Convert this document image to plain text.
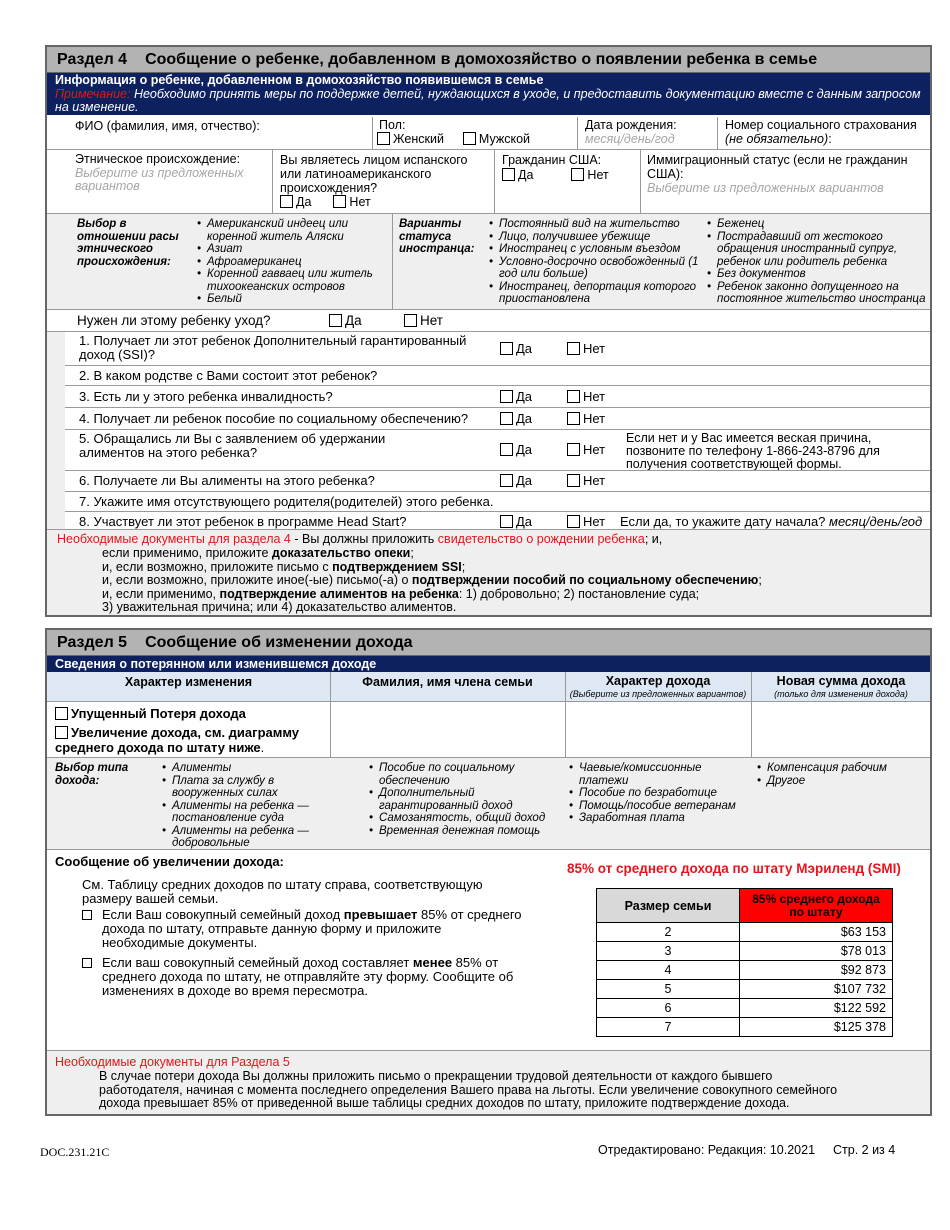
Раздел 4 Сообщение о ребенке, добавленном в домохозяйство о появлении ребенка в семье
Информация о ребенке, добавленном в домохозяйство появившемся в семье
Примечание: Необходимо принять меры по поддержке детей, нуждающихся в уходе, и предоставить документацию вместе с данным запросом на изменение.
ФИО (фамилия, имя, отчество):	Пол:
Женский	Мужской
Дата рождения:
месяц/день/год
Номер социального страхования
(не обязательно):
Этническое происхождение:
Выберите из предложенных вариантов
Вы являетесь лицом испанского или латиноамериканского происхождения?
Да	Нет
Гражданин США:
Да	Нет
Иммиграционный статус (если не гражданин США):
Выберите из предложенных вариантов
Выбор в отношении расы этнического происхождения:
• Американский индеец или коренной житель Аляски
• Азиат
• Афроамериканец
• Коренной гавваец или житель тихоокеанских островов
• Белый
Варианты статуса иностранца:
• Постоянный вид на жительство
• Лицо, получившее убежище
• Иностранец с условным въездом
• Условно-досрочно освобожденный (1 год или больше)
• Иностранец, депортация которого приостановлена
• Беженец
• Пострадавший от жестокого обращения иностранный супруг, ребенок или родитель ребенка
• Без документов
• Ребенок законно допущенного на постоянное жительство иностранца
Нужен ли этому ребенку уход?	Да	Нет
1. Получает ли этот ребенок Дополнительный гарантированный доход (SSI)?	Да	Нет
2. В каком родстве с Вами состоит этот ребенок?
3. Есть ли у этого ребенка инвалидность?	Да	Нет
4. Получает ли ребенок пособие по социальному обеспечению?	Да	Нет
5. Обращались ли Вы с заявлением об удержании алиментов на этого ребенка?	Да	Нет
Если нет и у Вас имеется веская причина, позвоните по телефону 1-866-243-8796 для получения соответствующей формы.
6. Получаете ли Вы алименты на этого ребенка?	Да	Нет
7. Укажите имя отсутствующего родителя(родителей) этого ребенка.
8. Участвует ли этот ребенок в программе Head Start?	Да	Нет Если да, то укажите дату начала? месяц/день/год
Необходимые документы для раздела 4 - Вы должны приложить свидетельство о рождении ребенка; и,
если применимо, приложите доказательство опеки;
и, если возможно, приложите письмо с подтверждением SSI;
и, если возможно, приложите иное(-ые) письмо(-а) о подтверждении пособий по социальному обеспечению;
и, если применимо, подтверждение алиментов на ребенка: 1) добровольно; 2) постановление суда;
3) уважительная причина; или 4) доказательство алиментов.
Раздел 5 Сообщение об изменении дохода
Сведения о потерянном или изменившемся доходе
Характер изменения	Фамилия, имя члена семьи	Характер дохода
(Выберите из предложенных вариантов)
Новая сумма дохода
(только для изменения дохода)
Упущенный Потеря дохода
Увеличение дохода, см. диаграмму среднего дохода по штату ниже.
Выбор типа дохода:
• Алименты
• Плата за службу в вооруженных силах
• Алименты на ребенка — постановление суда
• Алименты на ребенка — добровольные
• Пособие по социальному обеспечению
• Дополнительный гарантированный доход
• Самозанятость, общий доход
• Временная денежная помощь
• Чаевые/комиссионные платежи
• Пособие по безработице
• Помощь/пособие ветеранам
• Заработная плата
• Компенсация рабочим
• Другое
Сообщение об увеличении дохода:
См. Таблицу средних доходов по штату справа, соответствующую размеру вашей семьи.
Если Ваш совокупный семейный доход превышает 85% от среднего дохода по штату, отправьте данную форму и приложите необходимые документы.
Если ваш совокупный семейный доход составляет менее 85% от среднего дохода по штату, не отправляйте эту форму. Сообщите об изменениях в доходе во время пересмотра.
85% от среднего дохода по штату Мэриленд (SMI)
Размер семьи	85% среднего дохода по штату
2	$63 153
3	$78 013
4	$92 873
5	$107 732
6	$122 592
7	$125 378
Необходимые документы для Раздела 5
В случае потери дохода Вы должны приложить письмо о прекращении трудовой деятельности от каждого бывшего работодателя, начиная с момента последнего определения Вашего права на льготы. Если увеличение совокупного семейного дохода превышает 85% от приведенной выше таблицы средних доходов по штату, приложите подтверждение дохода.
DOC.231.21C	Отредактировано: Редакция: 10.2021 Стр. 2 из 4
